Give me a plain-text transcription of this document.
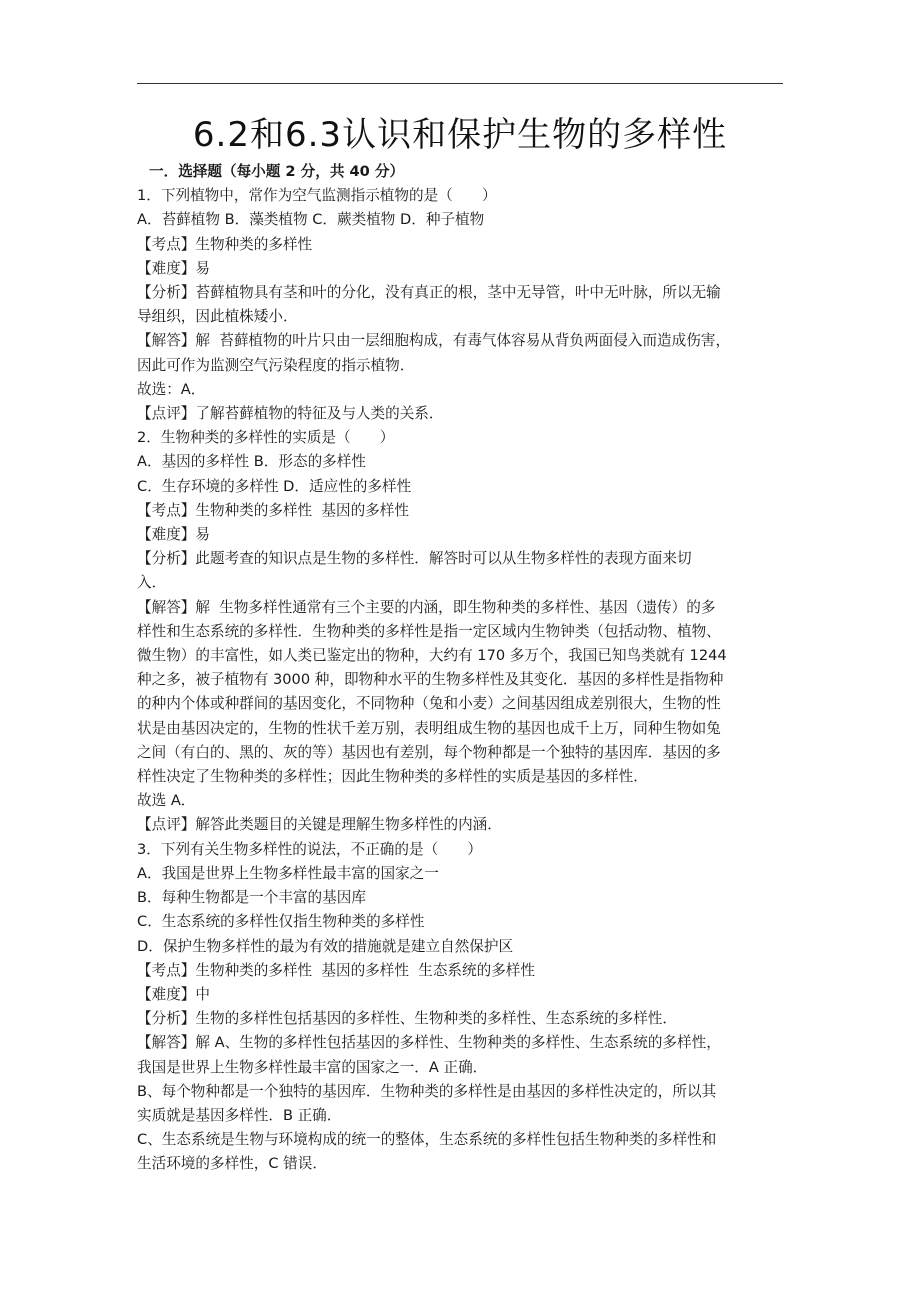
6.2和6.3认识和保护生物的多样性
一．选择题（每小题 2 分，共 40 分）
1．下列植物中，常作为空气监测指示植物的是（　　）
A．苔藓植物 B．藻类植物 C．蕨类植物 D．种子植物
【考点】生物种类的多样性
【难度】易
【分析】苔藓植物具有茎和叶的分化，没有真正的根，茎中无导管，叶中无叶脉，所以无输
导组织，因此植株矮小．
【解答】解  苔藓植物的叶片只由一层细胞构成，有毒气体容易从背负两面侵入而造成伤害，
因此可作为监测空气污染程度的指示植物．
故选：A．
【点评】了解苔藓植物的特征及与人类的关系．
2．生物种类的多样性的实质是（　　）
A．基因的多样性 B．形态的多样性
C．生存环境的多样性 D．适应性的多样性
【考点】生物种类的多样性  基因的多样性
【难度】易
【分析】此题考查的知识点是生物的多样性．解答时可以从生物多样性的表现方面来切
入．
【解答】解  生物多样性通常有三个主要的内涵，即生物种类的多样性、基因（遗传）的多
样性和生态系统的多样性．生物种类的多样性是指一定区域内生物钟类（包括动物、植物、
微生物）的丰富性，如人类已鉴定出的物种，大约有 170 多万个，我国已知鸟类就有 1244
种之多，被子植物有 3000 种，即物种水平的生物多样性及其变化．基因的多样性是指物种
的种内个体或种群间的基因变化，不同物种（兔和小麦）之间基因组成差别很大，生物的性
状是由基因决定的，生物的性状千差万别，表明组成生物的基因也成千上万，同种生物如兔
之间（有白的、黑的、灰的等）基因也有差别，每个物种都是一个独特的基因库．基因的多
样性决定了生物种类的多样性；因此生物种类的多样性的实质是基因的多样性．
故选 A．
【点评】解答此类题目的关键是理解生物多样性的内涵．
3．下列有关生物多样性的说法，不正确的是（　　）
A．我国是世界上生物多样性最丰富的国家之一
B．每种生物都是一个丰富的基因库
C．生态系统的多样性仅指生物种类的多样性
D．保护生物多样性的最为有效的措施就是建立自然保护区
【考点】生物种类的多样性  基因的多样性  生态系统的多样性
【难度】中
【分析】生物的多样性包括基因的多样性、生物种类的多样性、生态系统的多样性．
【解答】解 A、生物的多样性包括基因的多样性、生物种类的多样性、生态系统的多样性，
我国是世界上生物多样性最丰富的国家之一．A 正确．
B、每个物种都是一个独特的基因库．生物种类的多样性是由基因的多样性决定的，所以其
实质就是基因多样性．B 正确．
C、生态系统是生物与环境构成的统一的整体，生态系统的多样性包括生物种类的多样性和
生活环境的多样性，C 错误．
